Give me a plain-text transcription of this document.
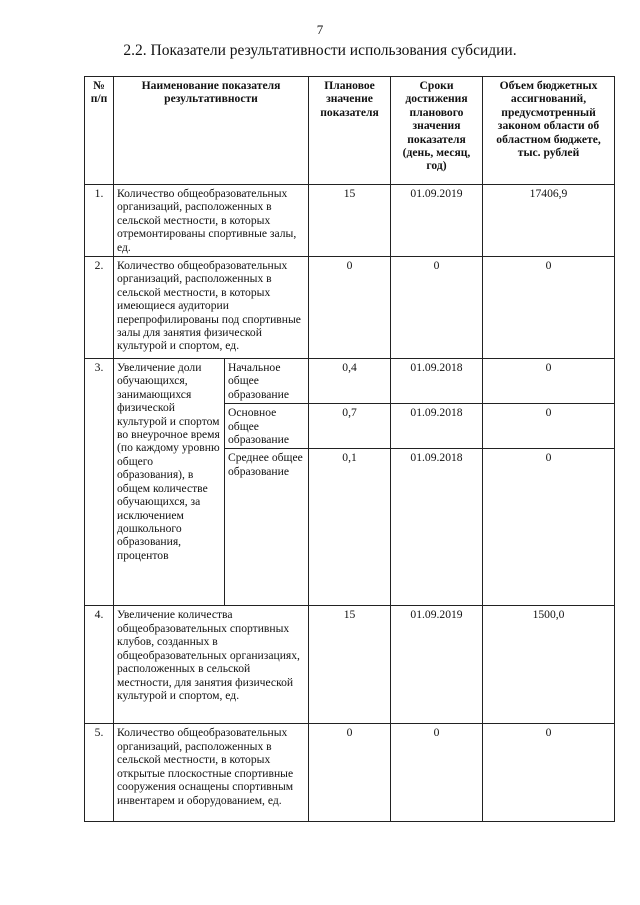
7
2.2. Показатели результативности использования субсидии.
№ п/п	Наименование показателя результативности		Плановое значение показателя	Сроки достижения планового значения показателя (день, месяц, год)	Объем бюджетных ассигнований, предусмотренный законом области об областном бюджете, тыс. рублей
1.	Количество общеобразовательных организаций, расположенных в сельской местности, в которых отремонтированы спортивные залы, ед.		15	01.09.2019	17406,9
2.	Количество общеобразовательных организаций, расположенных в сельской местности, в которых имеющиеся аудитории перепрофилированы под спортивные залы для занятия физической культурой и спортом, ед.		0	0	0
3.	Увеличение доли обучающихся, занимающихся физической культурой и спортом во внеурочное время (по каждому уровню общего образования), в общем количестве обучающихся, за исключением дошкольного образования, процентов	Начальное общее образование	0,4	01.09.2018	0
		Основное общее образование	0,7	01.09.2018	0
		Среднее общее образование	0,1	01.09.2018	0
4.	Увеличение количества общеобразовательных спортивных клубов, созданных в общеобразовательных организациях, расположенных в сельской местности, для занятия физической культурой и спортом, ед.		15	01.09.2019	1500,0
5.	Количество общеобразовательных организаций, расположенных в сельской местности, в которых открытые плоскостные спортивные сооружения оснащены спортивным инвентарем и оборудованием, ед.		0	0	0
